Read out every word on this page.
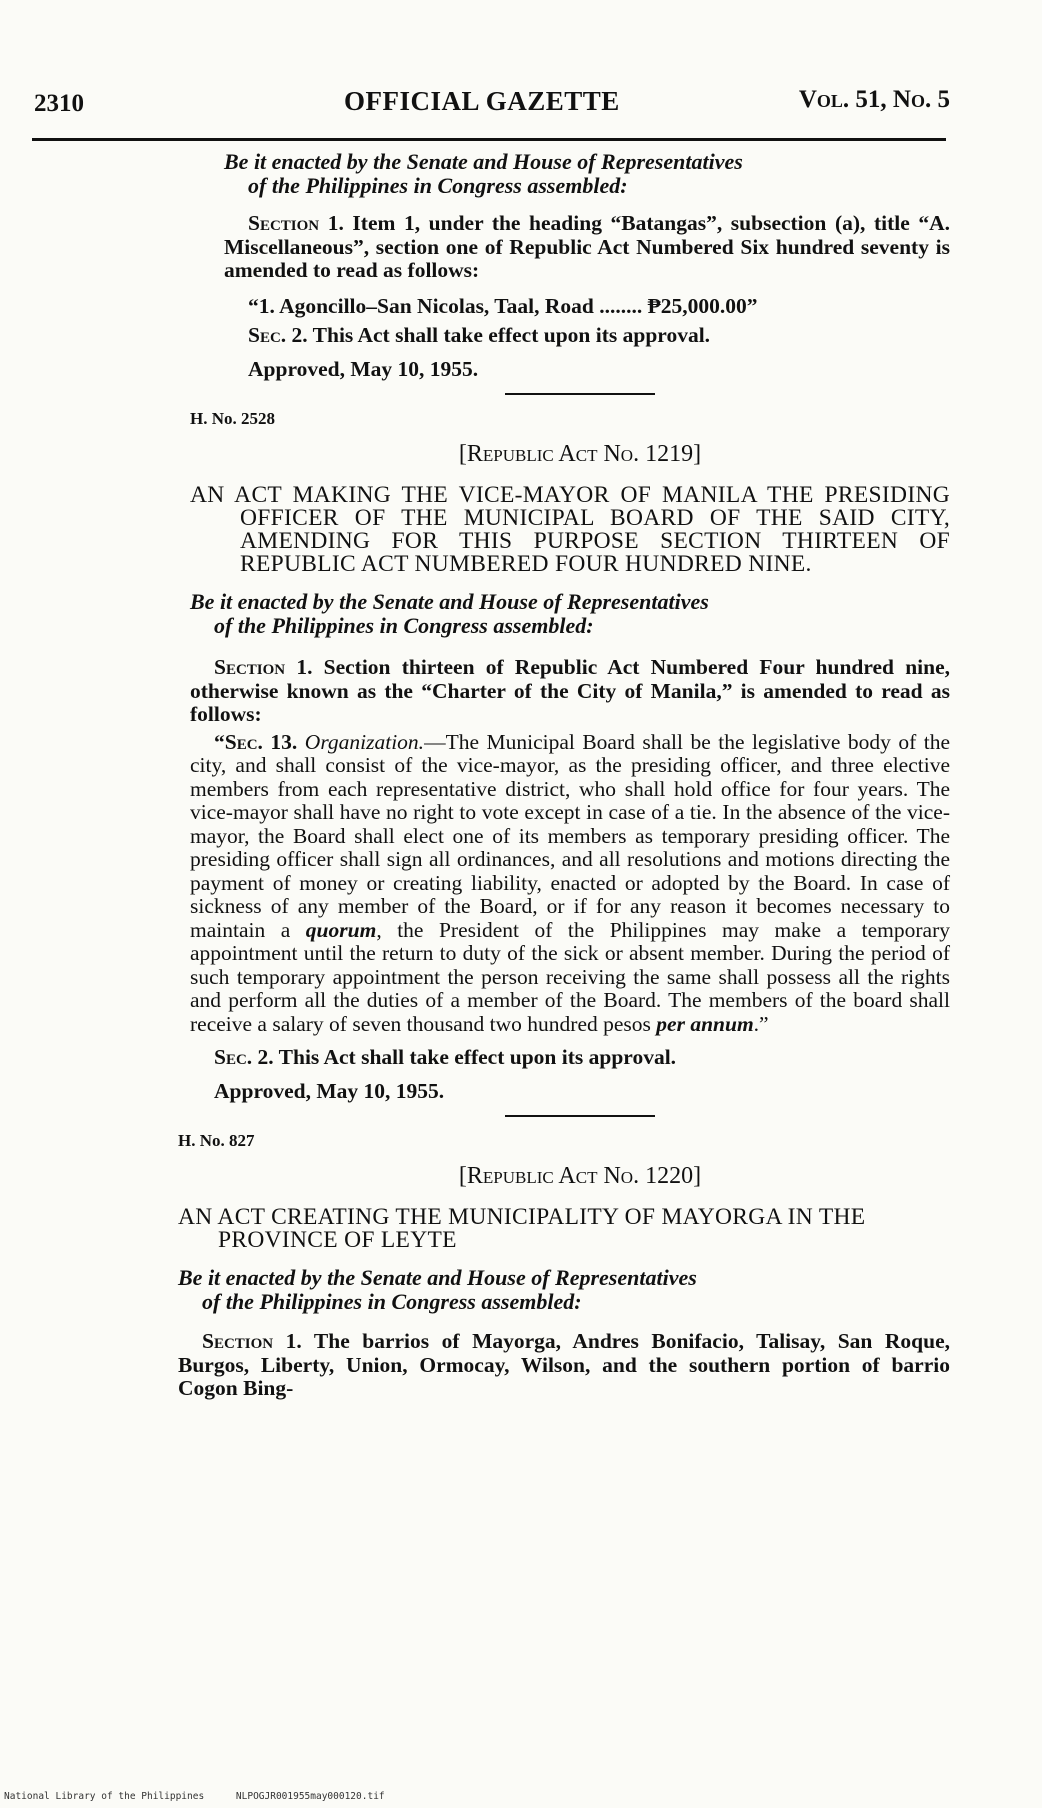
2310	OFFICIAL GAZETTE	Vol. 51, No. 5

Be it enacted by the Senate and House of Representatives
of the Philippines in Congress assembled:

Section 1. Item 1, under the heading “Batangas”, subsection (a), title “A. Miscellaneous”, section one of Republic Act Numbered Six hundred seventy is amended to read as follows:

“1. Agoncillo–San Nicolas, Taal, Road ........ ₱25,000.00”

Sec. 2. This Act shall take effect upon its approval.

Approved, May 10, 1955.

H. No. 2528

[Republic Act No. 1219]

AN ACT MAKING THE VICE-MAYOR OF MANILA THE PRESIDING OFFICER OF THE MUNICIPAL BOARD OF THE SAID CITY, AMENDING FOR THIS PURPOSE SECTION THIRTEEN OF REPUBLIC ACT NUMBERED FOUR HUNDRED NINE.

Be it enacted by the Senate and House of Representatives
of the Philippines in Congress assembled:

Section 1. Section thirteen of Republic Act Numbered Four hundred nine, otherwise known as the “Charter of the City of Manila,” is amended to read as follows:

“Sec. 13. Organization.—The Municipal Board shall be the legislative body of the city, and shall consist of the vice-mayor, as the presiding officer, and three elective members from each representative district, who shall hold office for four years. The vice-mayor shall have no right to vote except in case of a tie. In the absence of the vice-mayor, the Board shall elect one of its members as temporary presiding officer. The presiding officer shall sign all ordinances, and all resolutions and motions directing the payment of money or creating liability, enacted or adopted by the Board. In case of sickness of any member of the Board, or if for any reason it becomes necessary to maintain a quorum, the President of the Philippines may make a temporary appointment until the return to duty of the sick or absent member. During the period of such temporary appointment the person receiving the same shall possess all the rights and perform all the duties of a member of the Board. The members of the board shall receive a salary of seven thousand two hundred pesos per annum.”

Sec. 2. This Act shall take effect upon its approval.

Approved, May 10, 1955.

H. No. 827

[Republic Act No. 1220]

AN ACT CREATING THE MUNICIPALITY OF MAYORGA IN THE PROVINCE OF LEYTE

Be it enacted by the Senate and House of Representatives
of the Philippines in Congress assembled:

Section 1. The barrios of Mayorga, Andres Bonifacio, Talisay, San Roque, Burgos, Liberty, Union, Ormocay, Wilson, and the southern portion of barrio Cogon Bing-

National Library of the Philippines	NLPOGJR001955may000120.tif
